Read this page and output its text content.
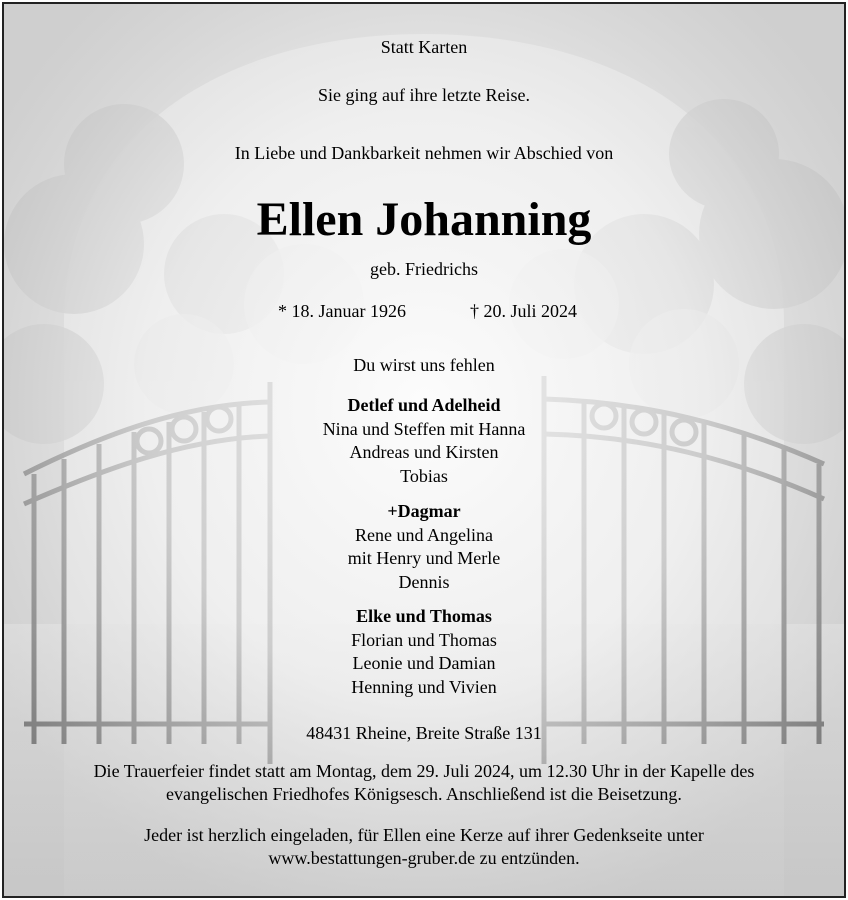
Statt Karten
Sie ging auf ihre letzte Reise.
In Liebe und Dankbarkeit nehmen wir Abschied von
Ellen Johanning
geb. Friedrichs
* 18. Januar 1926	† 20. Juli 2024
Du wirst uns fehlen
Detlef und Adelheid
Nina und Steffen mit Hanna
Andreas und Kirsten
Tobias
+Dagmar
Rene und Angelina
mit Henry und Merle
Dennis
Elke und Thomas
Florian und Thomas
Leonie und Damian
Henning und Vivien
48431 Rheine, Breite Straße 131
Die Trauerfeier findet statt am Montag, dem 29. Juli 2024, um 12.30 Uhr in der Kapelle des
evangelischen Friedhofes Königsesch. Anschließend ist die Beisetzung.
Jeder ist herzlich eingeladen, für Ellen eine Kerze auf ihrer Gedenkseite unter
www.bestattungen-gruber.de zu entzünden.
